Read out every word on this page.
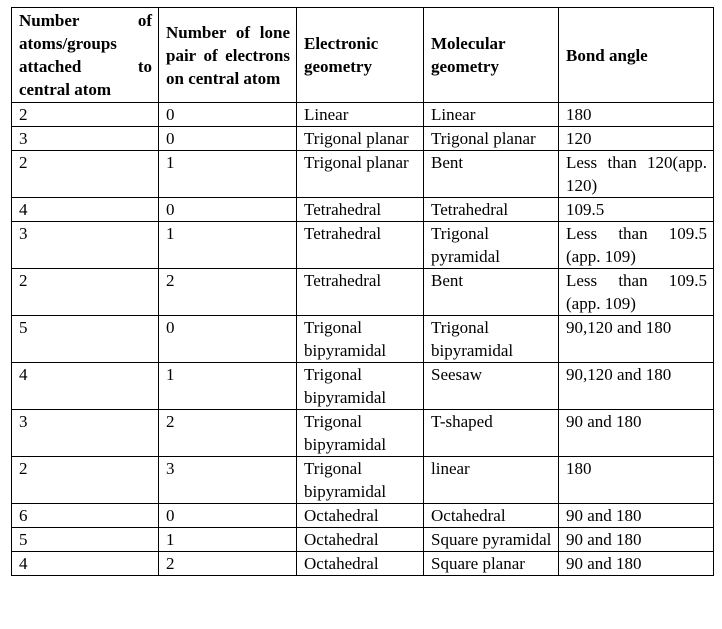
Number of atoms/groups attached to central atom	Number of lone pair of electrons on central atom	Electronic geometry	Molecular geometry	Bond angle
2	0	Linear	Linear	180
3	0	Trigonal planar	Trigonal planar	120
2	1	Trigonal planar	Bent	Less than 120(app. 120)
4	0	Tetrahedral	Tetrahedral	109.5
3	1	Tetrahedral	Trigonal pyramidal	Less than 109.5 (app. 109)
2	2	Tetrahedral	Bent	Less than 109.5 (app. 109)
5	0	Trigonal bipyramidal	Trigonal bipyramidal	90,120 and 180
4	1	Trigonal bipyramidal	Seesaw	90,120 and 180
3	2	Trigonal bipyramidal	T-shaped	90 and 180
2	3	Trigonal bipyramidal	linear	180
6	0	Octahedral	Octahedral	90 and 180
5	1	Octahedral	Square pyramidal	90 and 180
4	2	Octahedral	Square planar	90 and 180
